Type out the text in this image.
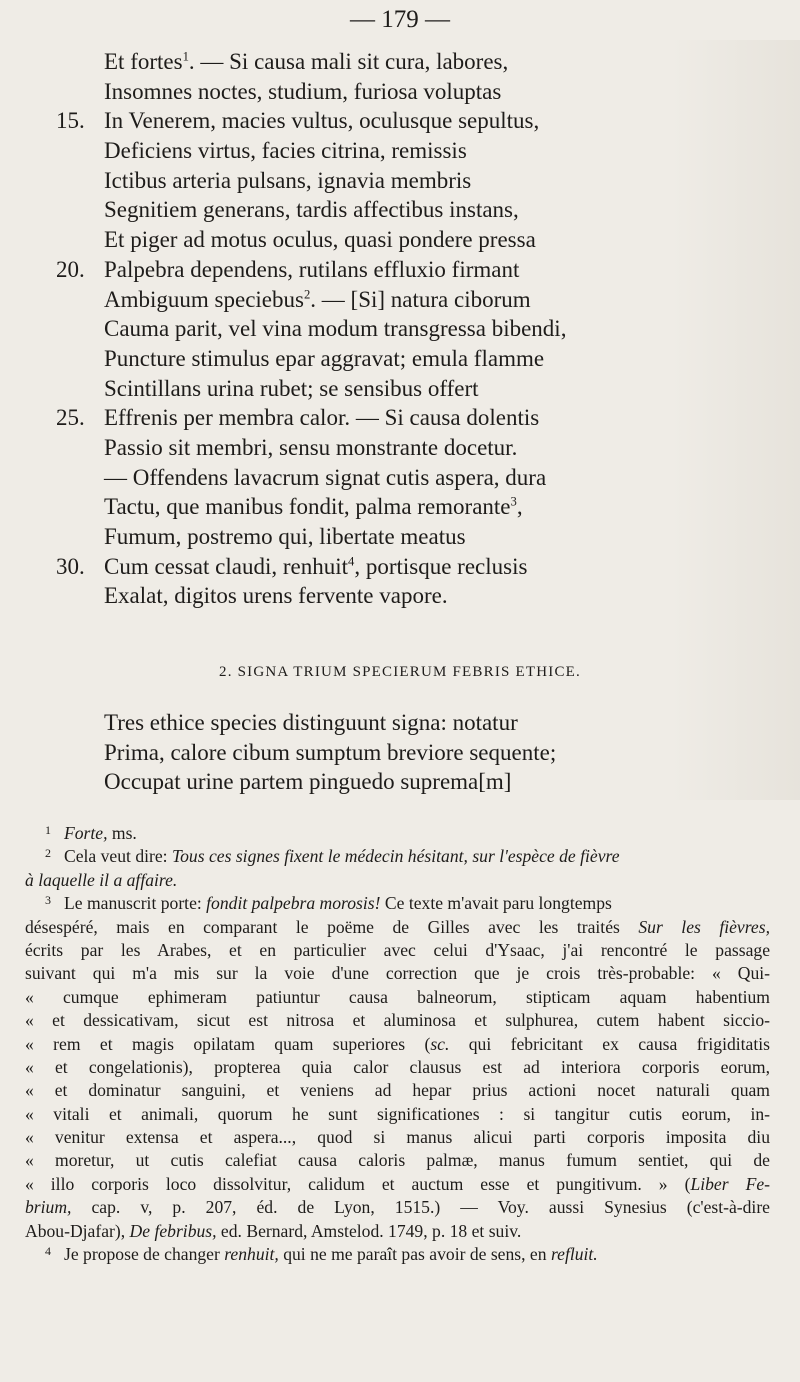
— 179 —
Et fortes$^1$. — Si causa mali sit cura, labores,
Insomnes noctes, studium, furiosa voluptas
15. In Venerem, macies vultus, oculusque sepultus,
Deficiens virtus, facies citrina, remissis
Ictibus arteria pulsans, ignavia membris
Segnitiem generans, tardis affectibus instans,
Et piger ad motus oculus, quasi pondere pressa
20. Palpebra dependens, rutilans effluxio firmant
Ambiguum speciebus$^2$. — [Si] natura ciborum
Cauma parit, vel vina modum transgressa bibendi,
Puncture stimulus epar aggravat; emula flamme
Scintillans urina rubet; se sensibus offert
25. Effrenis per membra calor. — Si causa dolentis
Passio sit membri, sensu monstrante docetur.
— Offendens lavacrum signat cutis aspera, dura
Tactu, que manibus fondit, palma remorante$^3$,
Fumum, postremo qui, libertate meatus
30. Cum cessat claudi, renhuit$^4$, portisque reclusis
Exalat, digitos urens fervente vapore.
2. SIGNA TRIUM SPECIERUM FEBRIS ETHICE.
Tres ethice species distinguunt signa: notatur
Prima, calore cibum sumptum breviore sequente;
Occupat urine partem pinguedo suprema[m]
1 Forte, ms.
2 Cela veut dire: Tous ces signes fixent le médecin hésitant, sur l'espèce de fièvre
à laquelle il a affaire.
3 Le manuscrit porte: fondit palpebra morosis! Ce texte m'avait paru longtemps
désespéré, mais en comparant le poëme de Gilles avec les traités Sur les fièvres,
écrits par les Arabes, et en particulier avec celui d'Ysaac, j'ai rencontré le passage
suivant qui m'a mis sur la voie d'une correction que je crois très-probable: « Qui-
« cumque ephimeram patiuntur causa balneorum, stipticam aquam habentium
« et dessicativam, sicut est nitrosa et aluminosa et sulphurea, cutem habent siccio-
« rem et magis opilatam quam superiores (sc. qui febricitant ex causa frigiditatis
« et congelationis), propterea quia calor clausus est ad interiora corporis eorum,
« et dominatur sanguini, et veniens ad hepar prius actioni nocet naturali quam
« vitali et animali, quorum he sunt significationes : si tangitur cutis eorum, in-
« venitur extensa et aspera..., quod si manus alicui parti corporis imposita diu
« moretur, ut cutis calefiat causa caloris palmæ, manus fumum sentiet, qui de
« illo corporis loco dissolvitur, calidum et auctum esse et pungitivum. » (Liber Fe-
brium, cap. v, p. 207, éd. de Lyon, 1515.) — Voy. aussi Synesius (c'est-à-dire
Abou-Djafar), De febribus, ed. Bernard, Amstelod. 1749, p. 18 et suiv.
4 Je propose de changer renhuit, qui ne me paraît pas avoir de sens, en refluit.
